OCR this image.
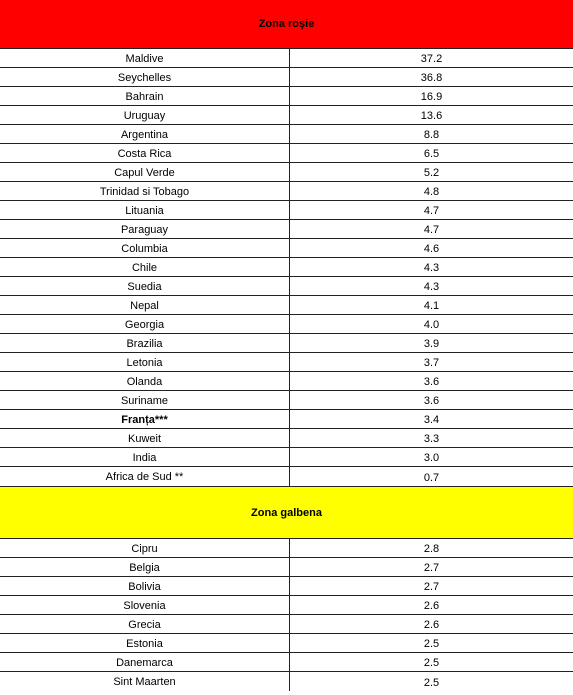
Zona roșie
Maldive	37.2
Seychelles	36.8
Bahrain	16.9
Uruguay	13.6
Argentina	8.8
Costa Rica	6.5
Capul Verde	5.2
Trinidad si Tobago	4.8
Lituania	4.7
Paraguay	4.7
Columbia	4.6
Chile	4.3
Suedia	4.3
Nepal	4.1
Georgia	4.0
Brazilia	3.9
Letonia	3.7
Olanda	3.6
Suriname	3.6
Franța***	3.4
Kuweit	3.3
India	3.0
Africa de Sud **	0.7
Zona galbena
Cipru	2.8
Belgia	2.7
Bolivia	2.7
Slovenia	2.6
Grecia	2.6
Estonia	2.5
Danemarca	2.5
Sint Maarten	2.5
